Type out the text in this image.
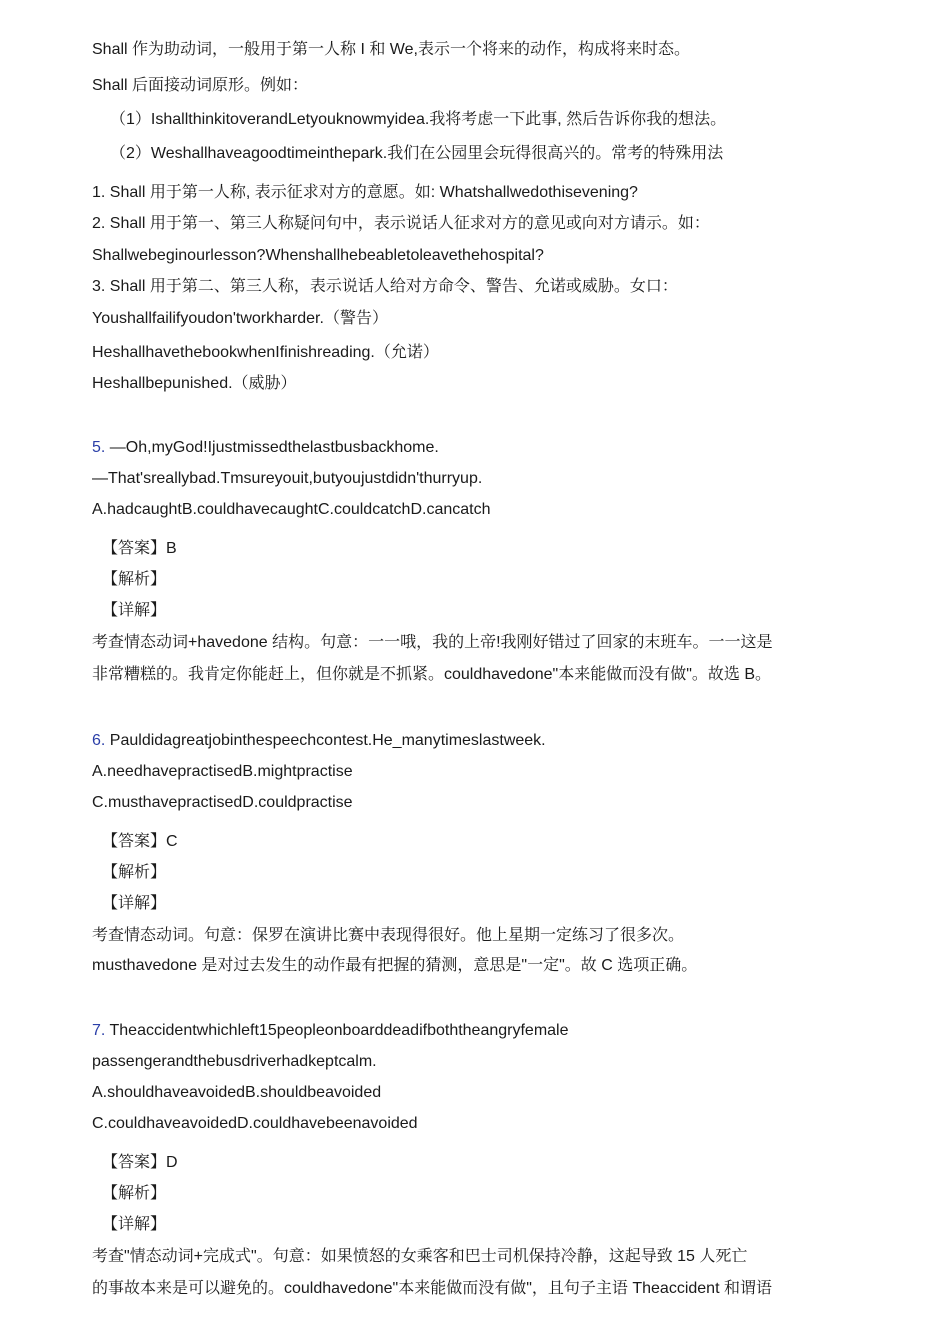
Shall 作为助动词，一般用于第一人称 I 和 We,表示一个将来的动作，构成将来时态。
Shall 后面接动词原形。例如：
（1）IshallthinkitoverandLetyouknowmyidea.我将考虑一下此事, 然后告诉你我的想法。
（2）Weshallhaveagoodtimeinthepark.我们在公园里会玩得很高兴的。常考的特殊用法
1. Shall 用于第一人称, 表示征求对方的意愿。如: Whatshallwedothisevening?
2. Shall 用于第一、第三人称疑问句中，表示说话人征求对方的意见或向对方请示。如：
Shallwebeginourlesson?Whenshallhebeabletoleavethehospital?
3. Shall 用于第二、第三人称，表示说话人给对方命令、警告、允诺或威胁。女口：
Youshallfailifyoudon'tworkharder.（警告）
HeshallhavethebookwhenIfinishreading.（允诺）
Heshallbepunished.（威胁）
5. —Oh,myGod!Ijustmissedthelastbusbackhome.
—That'sreallybad.Tmsureyouit,butyoujustdidn'thurryup.
A.hadcaughtB.couldhavecaughtC.couldcatchD.cancatch
【答案】B
【解析】
【详解】
考查情态动词+havedone 结构。句意：一一哦，我的上帝!我刚好错过了回家的末班车。一一这是
非常糟糕的。我肯定你能赶上，但你就是不抓紧。couldhavedone"本来能做而没有做"。故选 B。
6. Pauldidagreatjobinthespeechcontest.He_manytimeslastweek.
A.needhavepractisedB.mightpractise
C.musthavepractisedD.couldpractise
【答案】C
【解析】
【详解】
考查情态动词。句意：保罗在演讲比赛中表现得很好。他上星期一定练习了很多次。
musthavedone 是对过去发生的动作最有把握的猜测，意思是"一定"。故 C 选项正确。
7. Theaccidentwhichleft15peopleonboarddeadifboththeangryfemale
passengerandthebusdriverhadkeptcalm.
A.shouldhaveavoidedB.shouldbeavoided
C.couldhaveavoidedD.couldhavebeenavoided
【答案】D
【解析】
【详解】
考查"情态动词+完成式"。句意：如果愤怒的女乘客和巴士司机保持冷静，这起导致 15 人死亡
的事故本来是可以避免的。couldhavedone"本来能做而没有做"，且句子主语 Theaccident 和谓语
